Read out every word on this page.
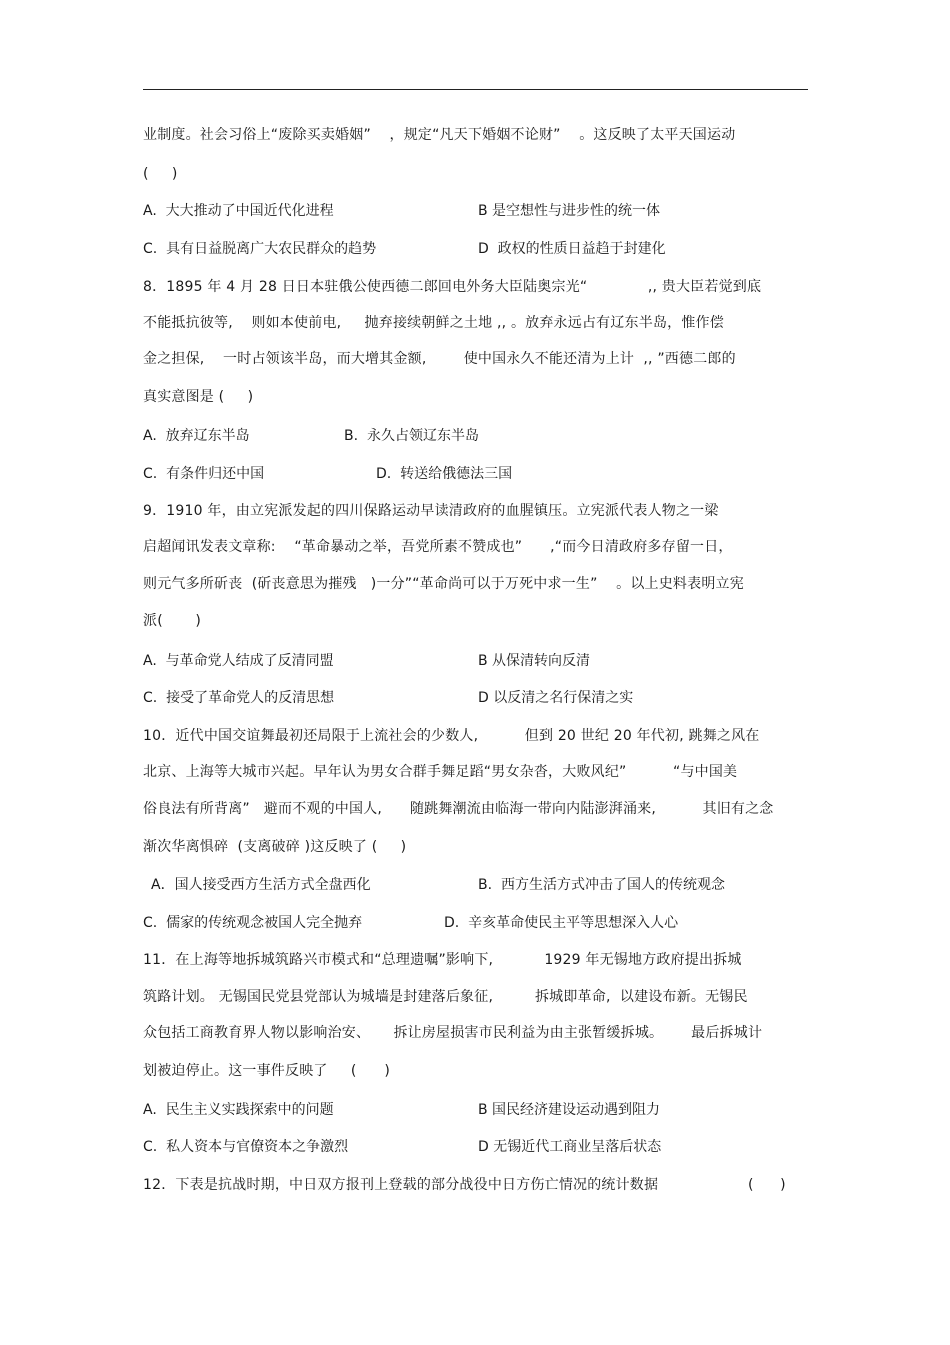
业制度。社会习俗上“废除买卖婚姻”    ，规定“凡天下婚姻不论财”    。这反映了太平天国运动
(     )
A.  大大推动了中国近代化进程	B 是空想性与进步性的统一体
C.  具有日益脱离广大农民群众的趋势	D  政权的性质日益趋于封建化
8．1895 年 4 月 28 日日本驻俄公使西德二郎回电外务大臣陆奥宗光“             ,, 贵大臣若觉到底
不能抵抗彼等,    则如本使前电,     抛弃接续朝鲜之土地 ,, 。放弃永远占有辽东半岛，惟作偿
金之担保,    一时占领该半岛，而大增其金额,        使中国永久不能还清为上计  ,, ”西德二郎的
真实意图是 (     )
A.  放弃辽东半岛	B.  永久占领辽东半岛
C.  有条件归还中国	D.  转送给俄德法三国
9．1910 年，由立宪派发起的四川保路运动早读清政府的血腥镇压。立宪派代表人物之一梁
启超闻讯发表文章称:    “革命暴动之举，吾党所素不赞成也”      ,“而今日清政府多存留一日，
则元气多所斫丧  (斫丧意思为摧残   )一分”“革命尚可以于万死中求一生”    。以上史料表明立宪
派(       )
A.  与革命党人结成了反清同盟	B 从保清转向反清
C.  接受了革命党人的反清思想	D 以反清之名行保清之实
10．近代中国交谊舞最初还局限于上流社会的少数人,          但到 20 世纪 20 年代初, 跳舞之风在
北京、上海等大城市兴起。早年认为男女合群手舞足蹈“男女杂沓，大败风纪”          “与中国美
俗良法有所背离”   避而不观的中国人,      随跳舞潮流由临海一带向内陆澎湃涌来,          其旧有之念
渐次华离惧碎  (支离破碎 )这反映了 (     )
A．国人接受西方生活方式全盘西化	B.  西方生活方式冲击了国人的传统观念
C.  儒家的传统观念被国人完全抛弃	D.  辛亥革命使民主平等思想深入人心
11．在上海等地拆城筑路兴市模式和“总理遗嘱”影响下,           1929 年无锡地方政府提出拆城
筑路计划。 无锡国民党县党部认为城墙是封建落后象征,         拆城即革命,  以建设布新。无锡民
众包括工商教育界人物以影响治安、     拆让房屋损害市民利益为由主张暂缓拆城。      最后拆城计
划被迫停止。这一事件反映了     (      )
A.  民生主义实践探索中的问题	B 国民经济建设运动遇到阻力
C.  私人资本与官僚资本之争激烈	D 无锡近代工商业呈落后状态
12．下表是抗战时期，中日双方报刊上登载的部分战役中日方伤亡情况的统计数据	(      )
